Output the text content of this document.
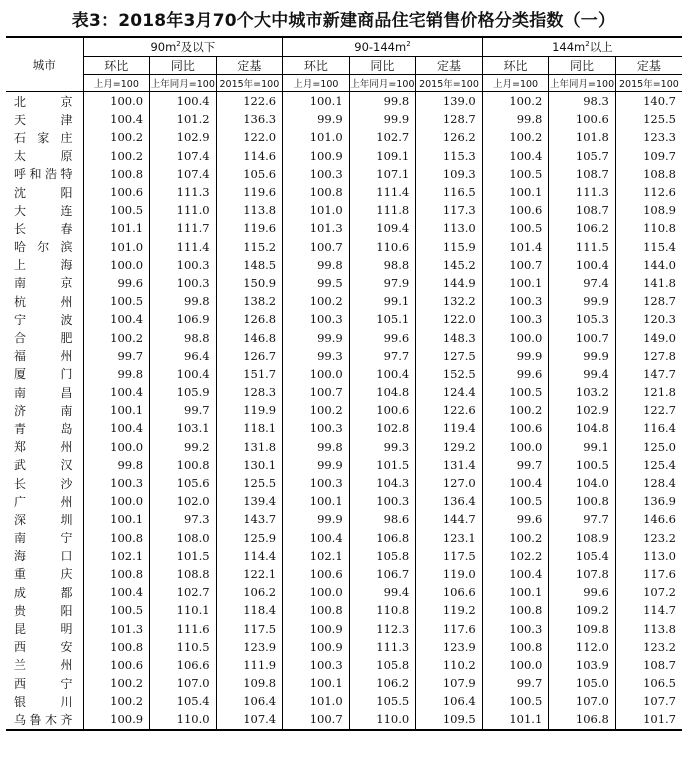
表3：2018年3月70个大中城市新建商品住宅销售价格分类指数（一）
城市	$90m^2$及以下			$90-144m^2$			$144m^2$以上		
	环比	同比	定基	环比	同比	定基	环比	同比	定基
	上月=100	上年同月=100	2015年=100	上月=100	上年同月=100	2015年=100	上月=100	上年同月=100	2015年=100
北京	100.0	100.4	122.6	100.1	99.8	139.0	100.2	98.3	140.7
天津	100.4	101.2	136.3	99.9	99.9	128.7	99.8	100.6	125.5
石家庄	100.2	102.9	122.0	101.0	102.7	126.2	100.2	101.8	123.3
太原	100.2	107.4	114.6	100.9	109.1	115.3	100.4	105.7	109.7
呼和浩特	100.8	107.4	105.6	100.3	107.1	109.3	100.5	108.7	108.8
沈阳	100.6	111.3	119.6	100.8	111.4	116.5	100.1	111.3	112.6
大连	100.5	111.0	113.8	101.0	111.8	117.3	100.6	108.7	108.9
长春	101.1	111.7	119.6	101.3	109.4	113.0	100.5	106.2	110.8
哈尔滨	101.0	111.4	115.2	100.7	110.6	115.9	101.4	111.5	115.4
上海	100.0	100.3	148.5	99.8	98.8	145.2	100.7	100.4	144.0
南京	99.6	100.3	150.9	99.5	97.9	144.9	100.1	97.4	141.8
杭州	100.5	99.8	138.2	100.2	99.1	132.2	100.3	99.9	128.7
宁波	100.4	106.9	126.8	100.3	105.1	122.0	100.3	105.3	120.3
合肥	100.2	98.8	146.8	99.9	99.6	148.3	100.0	100.7	149.0
福州	99.7	96.4	126.7	99.3	97.7	127.5	99.9	99.9	127.8
厦门	99.8	100.4	151.7	100.0	100.4	152.5	99.6	99.4	147.7
南昌	100.4	105.9	128.3	100.7	104.8	124.4	100.5	103.2	121.8
济南	100.1	99.7	119.9	100.2	100.6	122.6	100.2	102.9	122.7
青岛	100.4	103.1	118.1	100.3	102.8	119.4	100.6	104.8	116.4
郑州	100.0	99.2	131.8	99.8	99.3	129.2	100.0	99.1	125.0
武汉	99.8	100.8	130.1	99.9	101.5	131.4	99.7	100.5	125.4
长沙	100.3	105.6	125.5	100.3	104.3	127.0	100.4	104.0	128.4
广州	100.0	102.0	139.4	100.1	100.3	136.4	100.5	100.8	136.9
深圳	100.1	97.3	143.7	99.9	98.6	144.7	99.6	97.7	146.6
南宁	100.8	108.0	125.9	100.4	106.8	123.1	100.2	108.9	123.2
海口	102.1	101.5	114.4	102.1	105.8	117.5	102.2	105.4	113.0
重庆	100.8	108.8	122.1	100.6	106.7	119.0	100.4	107.8	117.6
成都	100.4	102.7	106.2	100.0	99.4	106.6	100.1	99.6	107.2
贵阳	100.5	110.1	118.4	100.8	110.8	119.2	100.8	109.2	114.7
昆明	101.3	111.6	117.5	100.9	112.3	117.6	100.3	109.8	113.8
西安	100.8	110.5	123.9	100.9	111.3	123.9	100.8	112.0	123.2
兰州	100.6	106.6	111.9	100.3	105.8	110.2	100.0	103.9	108.7
西宁	100.2	107.0	109.8	100.1	106.2	107.9	99.7	105.0	106.5
银川	100.2	105.4	106.4	101.0	105.5	106.4	100.5	107.0	107.7
乌鲁木齐	100.9	110.0	107.4	100.7	110.0	109.5	101.1	106.8	101.7
